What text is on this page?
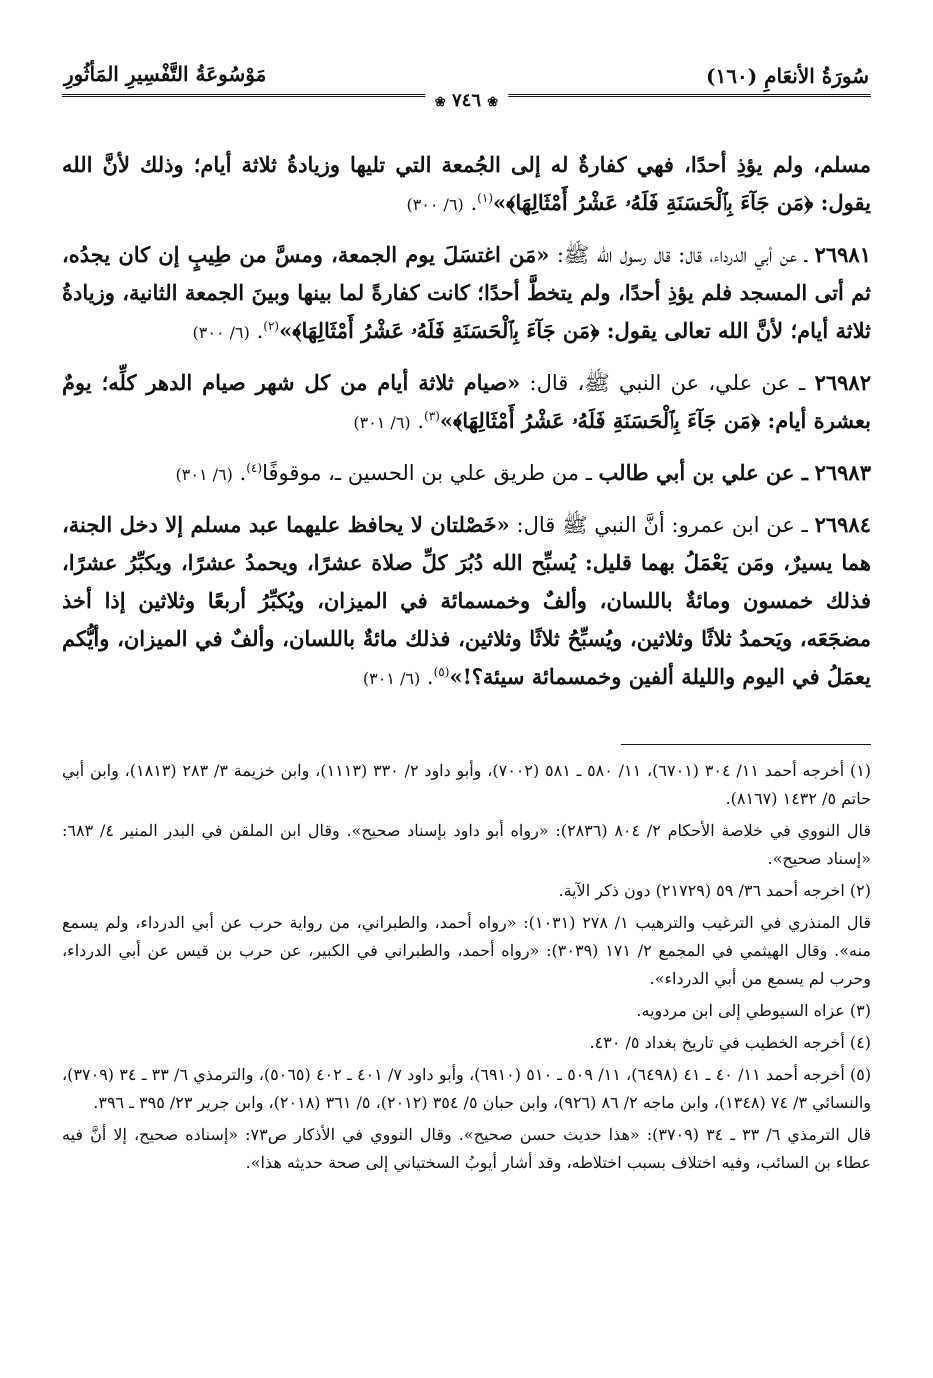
سُورَةُ الأنعَامِ (١٦٠)
مَوْسُوعَةُ التَّفْسِيرِ المَأثُورِ
❀ ٧٤٦ ❀

مسلم، ولم يؤذِ أحدًا، فهي كفارةٌ له إلى الجُمعة التي تليها وزيادةُ ثلاثة أيام؛ وذلك لأنَّ الله يقول: ﴿مَن جَآءَ بِٱلْحَسَنَةِ فَلَهُۥ عَشْرُ أَمْثَالِهَا﴾»$^{(١)}$. (٦/ ٣٠٠)

٢٦٩٨١ ـ عن أبي الدرداء، قال: قال رسول الله ﷺ: «مَن اغتسَلَ يوم الجمعة، ومسَّ من طِيبٍ إن كان يجدُه، ثم أتى المسجد فلم يؤذِ أحدًا، ولم يتخطَّ أحدًا؛ كانت كفارةً لما بينها وبينَ الجمعة الثانية، وزيادةُ ثلاثة أيام؛ لأنَّ الله تعالى يقول: ﴿مَن جَآءَ بِٱلْحَسَنَةِ فَلَهُۥ عَشْرُ أَمْثَالِهَا﴾»$^{(٢)}$. (٦/ ٣٠٠)

٢٦٩٨٢ ـ عن علي، عن النبي ﷺ، قال: «صيام ثلاثة أيام من كل شهر صيام الدهر كلِّه؛ يومٌ بعشرة أيام: ﴿مَن جَآءَ بِٱلْحَسَنَةِ فَلَهُۥ عَشْرُ أَمْثَالِهَا﴾»$^{(٣)}$. (٦/ ٣٠١)

٢٦٩٨٣ ـ عن علي بن أبي طالب ـ من طريق علي بن الحسين ـ، موقوفًا$^{(٤)}$. (٦/ ٣٠١)

٢٦٩٨٤ ـ عن ابن عمرو: أنَّ النبي ﷺ قال: «خَصْلتان لا يحافظ عليهما عبد مسلم إلا دخل الجنة، هما يسيرٌ، ومَن يَعْمَلُ بهما قليل: يُسبِّح الله دُبُرَ كلِّ صلاة عشرًا، ويحمدُ عشرًا، ويكبِّرُ عشرًا، فذلك خمسون ومائةٌ باللسان، وألفٌ وخمسمائة في الميزان، ويُكبِّرُ أربعًا وثلاثين إذا أخذ مضجَعَه، ويَحمدُ ثلاثًا وثلاثين، ويُسبِّحُ ثلاثًا وثلاثين، فذلك مائةٌ باللسان، وألفٌ في الميزان، وأيُّكم يعمَلُ في اليوم والليلة ألفين وخمسمائة سيئة؟!»$^{(٥)}$. (٦/ ٣٠١)

(١) أخرجه أحمد ١١/ ٣٠٤ (٦٧٠١)، ١١/ ٥٨٠ ـ ٥٨١ (٧٠٠٢)، وأبو داود ٢/ ٣٣٠ (١١١٣)، وابن خزيمة ٣/ ٢٨٣ (١٨١٣)، وابن أبي حاتم ٥/ ١٤٣٢ (٨١٦٧).

قال النووي في خلاصة الأحكام ٢/ ٨٠٤ (٢٨٣٦): «رواه أبو داود بإسناد صحيح». وقال ابن الملقن في البدر المنير ٤/ ٦٨٣: «إسناد صحيح».

(٢) اخرجه أحمد ٣٦/ ٥٩ (٢١٧٢٩) دون ذكر الآية.

قال المنذري في الترغيب والترهيب ١/ ٢٧٨ (١٠٣١): «رواه أحمد، والطبراني، من رواية حرب عن أبي الدرداء، ولم يسمع منه». وقال الهيثمي في المجمع ٢/ ١٧١ (٣٠٣٩): «رواه أحمد، والطبراني في الكبير، عن حرب بن قيس عن أبي الدرداء، وحرب لم يسمع من أبي الدرداء».

(٣) عزاه السيوطي إلى ابن مردويه.

(٤) أخرجه الخطيب في تاريخ بغداد ٥/ ٤٣٠.

(٥) أخرجه أحمد ١١/ ٤٠ ـ ٤١ (٦٤٩٨)، ١١/ ٥٠٩ ـ ٥١٠ (٦٩١٠)، وأبو داود ٧/ ٤٠١ ـ ٤٠٢ (٥٠٦٥)، والترمذي ٦/ ٣٣ ـ ٣٤ (٣٧٠٩)، والنسائي ٣/ ٧٤ (١٣٤٨)، وابن ماجه ٢/ ٨٦ (٩٢٦)، وابن حبان ٥/ ٣٥٤ (٢٠١٢)، ٥/ ٣٦١ (٢٠١٨)، وابن جرير ٢٣/ ٣٩٥ ـ ٣٩٦.

قال الترمذي ٦/ ٣٣ ـ ٣٤ (٣٧٠٩): «هذا حديث حسن صحيح». وقال النووي في الأذكار ص٧٣: «إسناده صحيح، إلا أنَّ فيه عطاء بن السائب، وفيه اختلاف بسبب اختلاطه، وقد أشار أيوبُ السختياني إلى صحة حديثه هذا».
